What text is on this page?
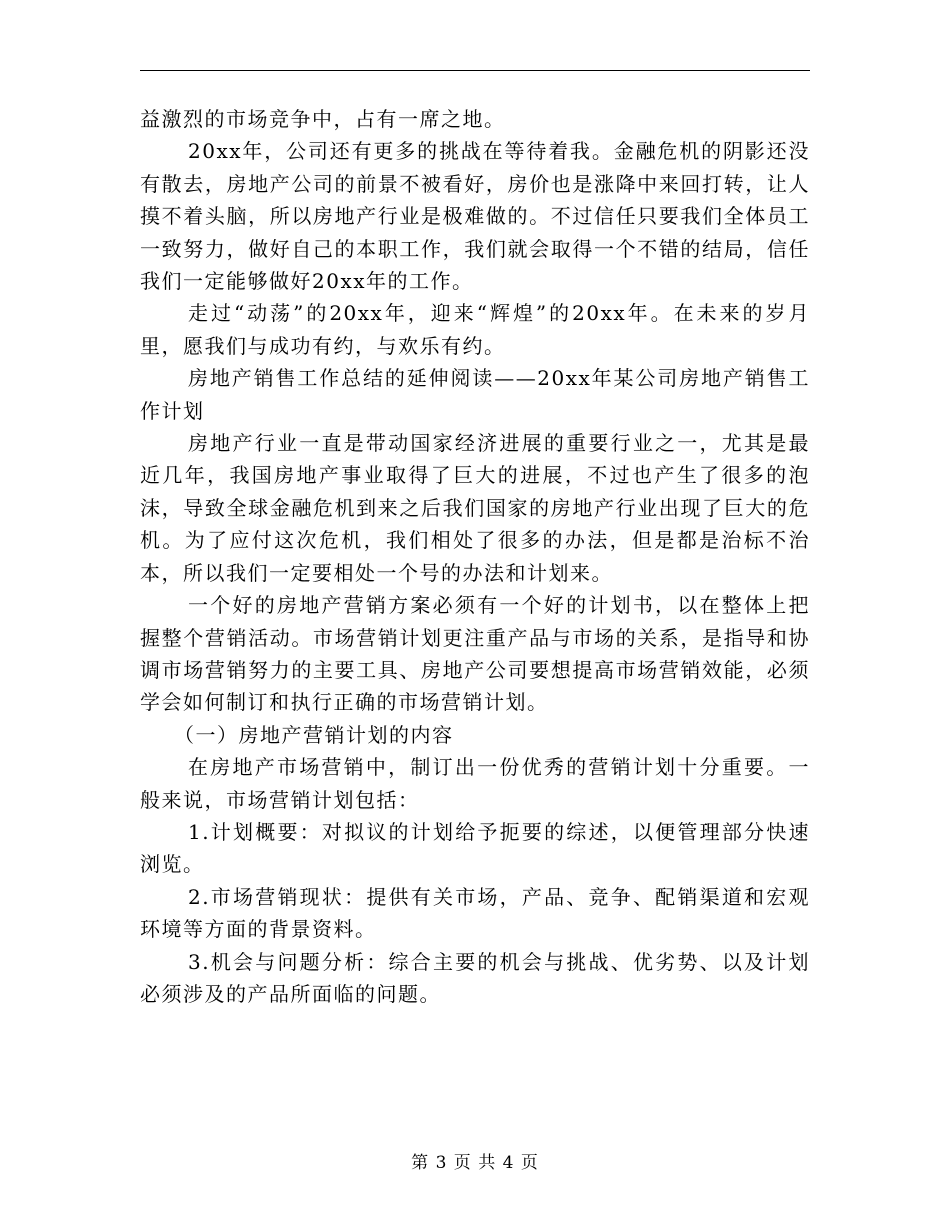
益激烈的市场竞争中，占有一席之地。

20xx年，公司还有更多的挑战在等待着我。金融危机的阴影还没有散去，房地产公司的前景不被看好，房价也是涨降中来回打转，让人摸不着头脑，所以房地产行业是极难做的。不过信任只要我们全体员工一致努力，做好自己的本职工作，我们就会取得一个不错的结局，信任我们一定能够做好20xx年的工作。

走过“动荡”的20xx年，迎来“辉煌”的20xx年。在未来的岁月里，愿我们与成功有约，与欢乐有约。

房地产销售工作总结的延伸阅读——20xx年某公司房地产销售工作计划

房地产行业一直是带动国家经济进展的重要行业之一，尤其是最近几年，我国房地产事业取得了巨大的进展，不过也产生了很多的泡沫，导致全球金融危机到来之后我们国家的房地产行业出现了巨大的危机。为了应付这次危机，我们相处了很多的办法，但是都是治标不治本，所以我们一定要相处一个号的办法和计划来。

一个好的房地产营销方案必须有一个好的计划书，以在整体上把握整个营销活动。市场营销计划更注重产品与市场的关系，是指导和协调市场营销努力的主要工具、房地产公司要想提高市场营销效能，必须学会如何制订和执行正确的市场营销计划。

（一）房地产营销计划的内容

在房地产市场营销中，制订出一份优秀的营销计划十分重要。一般来说，市场营销计划包括：

1.计划概要：对拟议的计划给予扼要的综述，以便管理部分快速浏览。

2.市场营销现状：提供有关市场，产品、竞争、配销渠道和宏观环境等方面的背景资料。

3.机会与问题分析：综合主要的机会与挑战、优劣势、以及计划必须涉及的产品所面临的问题。

第 3 页 共 4 页
